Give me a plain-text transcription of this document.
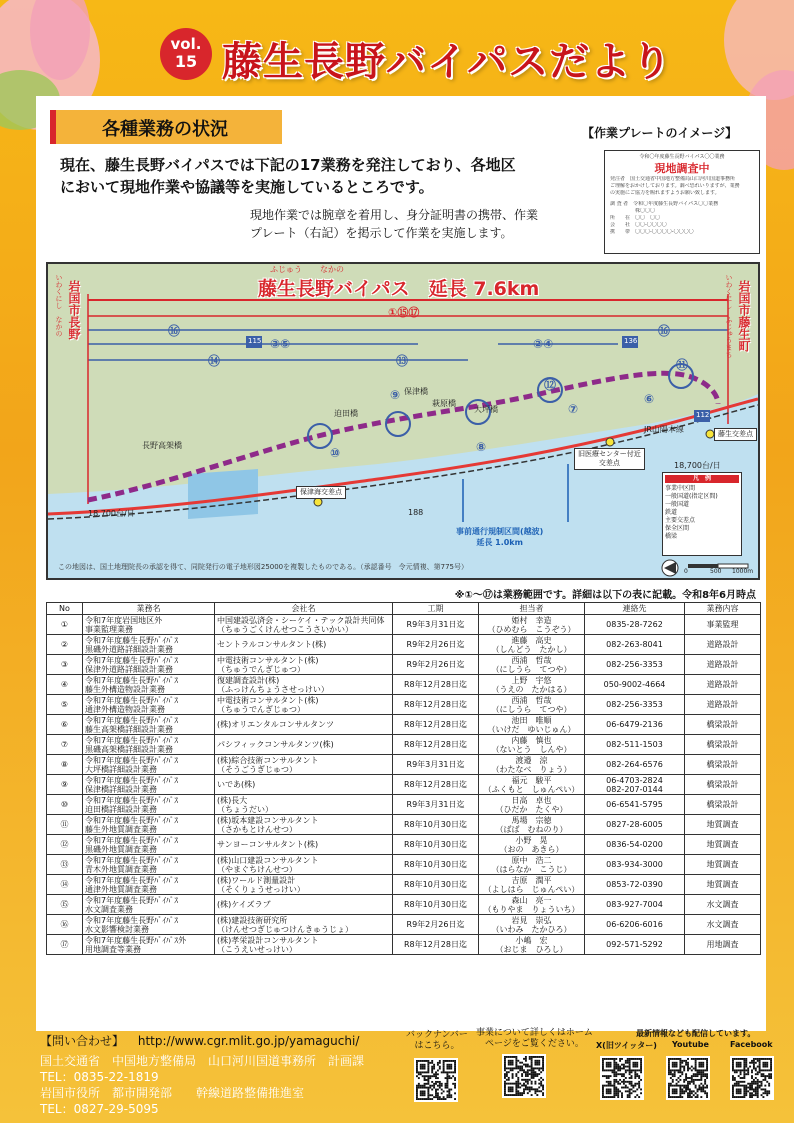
vol.
15 藤生長野バイパスだより
各種業務の状況
現在、藤生長野バイパスでは下記の17業務を発注しており、各地区
において現地作業や協議等を実施しているところです。
現地作業では腕章を着用し、身分証明書の携帯、作業
プレート（右記）を掲示して作業を実施します。
【作業プレートのイメージ】
令和〇年度藤生長野バイパス〇〇業務
現地調査中
発注者　国土交通省中国地方整備局山口河川国道事務所
ご理解をおかけしております。調べ恐れいりますが、業務
の実施にご協力を賜れますようお願い致します。
調 査 者　令和〇年度藤生長野バイパス〇〇業務
　　　　　株〇〇〇
所　　在　〇〇　〇〇
会　　社　〇〇-〇〇〇〇
携　　帯　〇〇〇-〇〇〇〇-〇〇〇〇
ふじゅう なかの
藤生長野バイパス　延長 7.6km
いわくにし　なかの 岩国市長野	いわくにし　ふじゅうまち 岩国市藤生町
①⑮⑰
⑯	⑯
③⑤	②④
⑭	⑬	⑪
⑨
⑩	⑧
⑦
⑥
⑫
保津橋
萩原橋
大坪橋
迫田橋
長野高架橋
115	136
112
188
JR山陽本線
保津海交差点
旧医療センター付近
交差点
藤生交差点
18,700台/日
18,700台/日
事前通行規制区間(越波)
延長 1.0km
凡　例
事業中区間
一般国道(指定区間)
一般国道
鉄道
主要交差点
保全区間
橋梁
0	500 1000m
この地図は、国土地理院長の承認を得て、同院発行の電子地形図25000を複製したものである。（承認番号　令元情複、第775号）
※①～⑰は業務範囲です。詳細は以下の表に記載。令和8年6月時点
No	業務名	会社名	工期	担当者	連絡先	業務内容

①	令和7年度岩国地区外
事業監理業務	中国建設弘済会・シーケイ・テック設計共同体
（ちゅうごくけんせつこうさいかい）	R9年3月31日迄	姫村　幸造
（ひめむら　こうぞう）	0835-28-7262	事業監理

②	令和7年度藤生長野ﾊﾞｲﾊﾟｽ
黒磯外道路詳細設計業務	セントラルコンサルタント(株)	R9年2月26日迄	進藤　高史
（しんどう　たかし）	082-263-8041	道路設計

③	令和7年度藤生長野ﾊﾞｲﾊﾟｽ
保津外道路詳細設計業務	中電技術コンサルタント(株)
（ちゅうでんぎじゅつ）	R9年2月26日迄	西浦　哲哉
（にしうら　てつや）	082-256-3353	道路設計

④	令和7年度藤生長野ﾊﾞｲﾊﾟｽ
藤生外構造物設計業務	復建調査設計(株)
（ふっけんちょうさせっけい）	R8年12月28日迄	上野　宇悠
（うえの　たかはる）	050-9002-4664	道路設計

⑤	令和7年度藤生長野ﾊﾞｲﾊﾟｽ
通津外構造物設計業務	中電技術コンサルタント(株)
（ちゅうでんぎじゅつ）	R8年12月28日迄	西浦　哲哉
（にしうら　てつや）	082-256-3353	道路設計

⑥	令和7年度藤生長野ﾊﾞｲﾊﾟｽ
藤生高架橋詳細設計業務	(株)オリエンタルコンサルタンツ	R8年12月28日迄	池田　唯順
（いけだ　ゆいじゅん）	06-6479-2136	橋梁設計

⑦	令和7年度藤生長野ﾊﾞｲﾊﾟｽ
黒磯高架橋詳細設計業務	パシフィックコンサルタンツ(株)	R8年12月28日迄	内藤　慎也
（ないとう　しんや）	082-511-1503	橋梁設計

⑧	令和7年度藤生長野ﾊﾞｲﾊﾟｽ
大坪橋詳細設計業務	(株)綜合技術コンサルタント
（そうごうぎじゅつ）	R9年3月31日迄	渡邉　涼
（わたなべ　りょう）	082-264-6576	橋梁設計

⑨	令和7年度藤生長野ﾊﾞｲﾊﾟｽ
保津橋詳細設計業務	いであ(株)	R8年12月28日迄	福元　駿平
（ふくもと　しゅんぺい）	06-4703-2824
082-207-0144	橋梁設計

⑩	令和7年度藤生長野ﾊﾞｲﾊﾟｽ
迫田橋詳細設計業務	(株)長大
（ちょうだい）	R9年3月31日迄	日高　卓也
（ひだか　たくや）	06-6541-5795	橋梁設計

⑪	令和7年度藤生長野ﾊﾞｲﾊﾟｽ
藤生外地質調査業務	(株)坂本建設コンサルタント
（さかもとけんせつ）	R8年10月30日迄	馬場　宗徳
（ばば　むねのり）	0827-28-6005	地質調査

⑫	令和7年度藤生長野ﾊﾞｲﾊﾟｽ
黒磯外地質調査業務	サンヨーコンサルタント(株)	R8年10月30日迄	小野　晃
（おの　あきら）	0836-54-0200	地質調査

⑬	令和7年度藤生長野ﾊﾞｲﾊﾟｽ
青木外地質調査業務	(株)山口建設コンサルタント
（やまぐちけんせつ）	R8年10月30日迄	原中　浩二
（はらなか　こうじ）	083-934-3000	地質調査

⑭	令和7年度藤生長野ﾊﾞｲﾊﾟｽ
通津外地質調査業務	(株)ワールド測量設計
（そくりょうせっけい）	R8年10月30日迄	吉原　潤平
（よしはら　じゅんぺい）	0853-72-0390	地質調査

⑮	令和7年度藤生長野ﾊﾞｲﾊﾟｽ
水文調査業務	(株)ケイズラブ	R8年10月30日迄	森山　亮一
（もりやま　りょういち）	083-927-7004	水文調査

⑯	令和7年度藤生長野ﾊﾞｲﾊﾟｽ
水文影響検討業務	(株)建設技術研究所
（けんせつぎじゅつけんきゅうじょ）	R9年2月26日迄	岩見　崇弘
（いわみ　たかひろ）	06-6206-6016	水文調査

⑰	令和7年度藤生長野ﾊﾞｲﾊﾟｽ外
用地調査等業務	(株)孝栄設計コンサルタント
（こうえいせっけい）	R8年12月28日迄	小嶋　宏
（おじま　ひろし）	092-571-5292	用地調査
【問い合わせ】 http://www.cgr.mlit.go.jp/yamaguchi/
国土交通省　中国地方整備局　山口河川国道事務所　計画課
TEL：0835-22-1819
岩国市役所　都市開発部　　幹線道路整備推進室
TEL：0827-29-5095
バックナンバー
はこちら。
事業について詳しくはホーム
ページをご覧ください。
最新情報なども配信しています。
X(旧ツイッター) Youtube	Facebook
